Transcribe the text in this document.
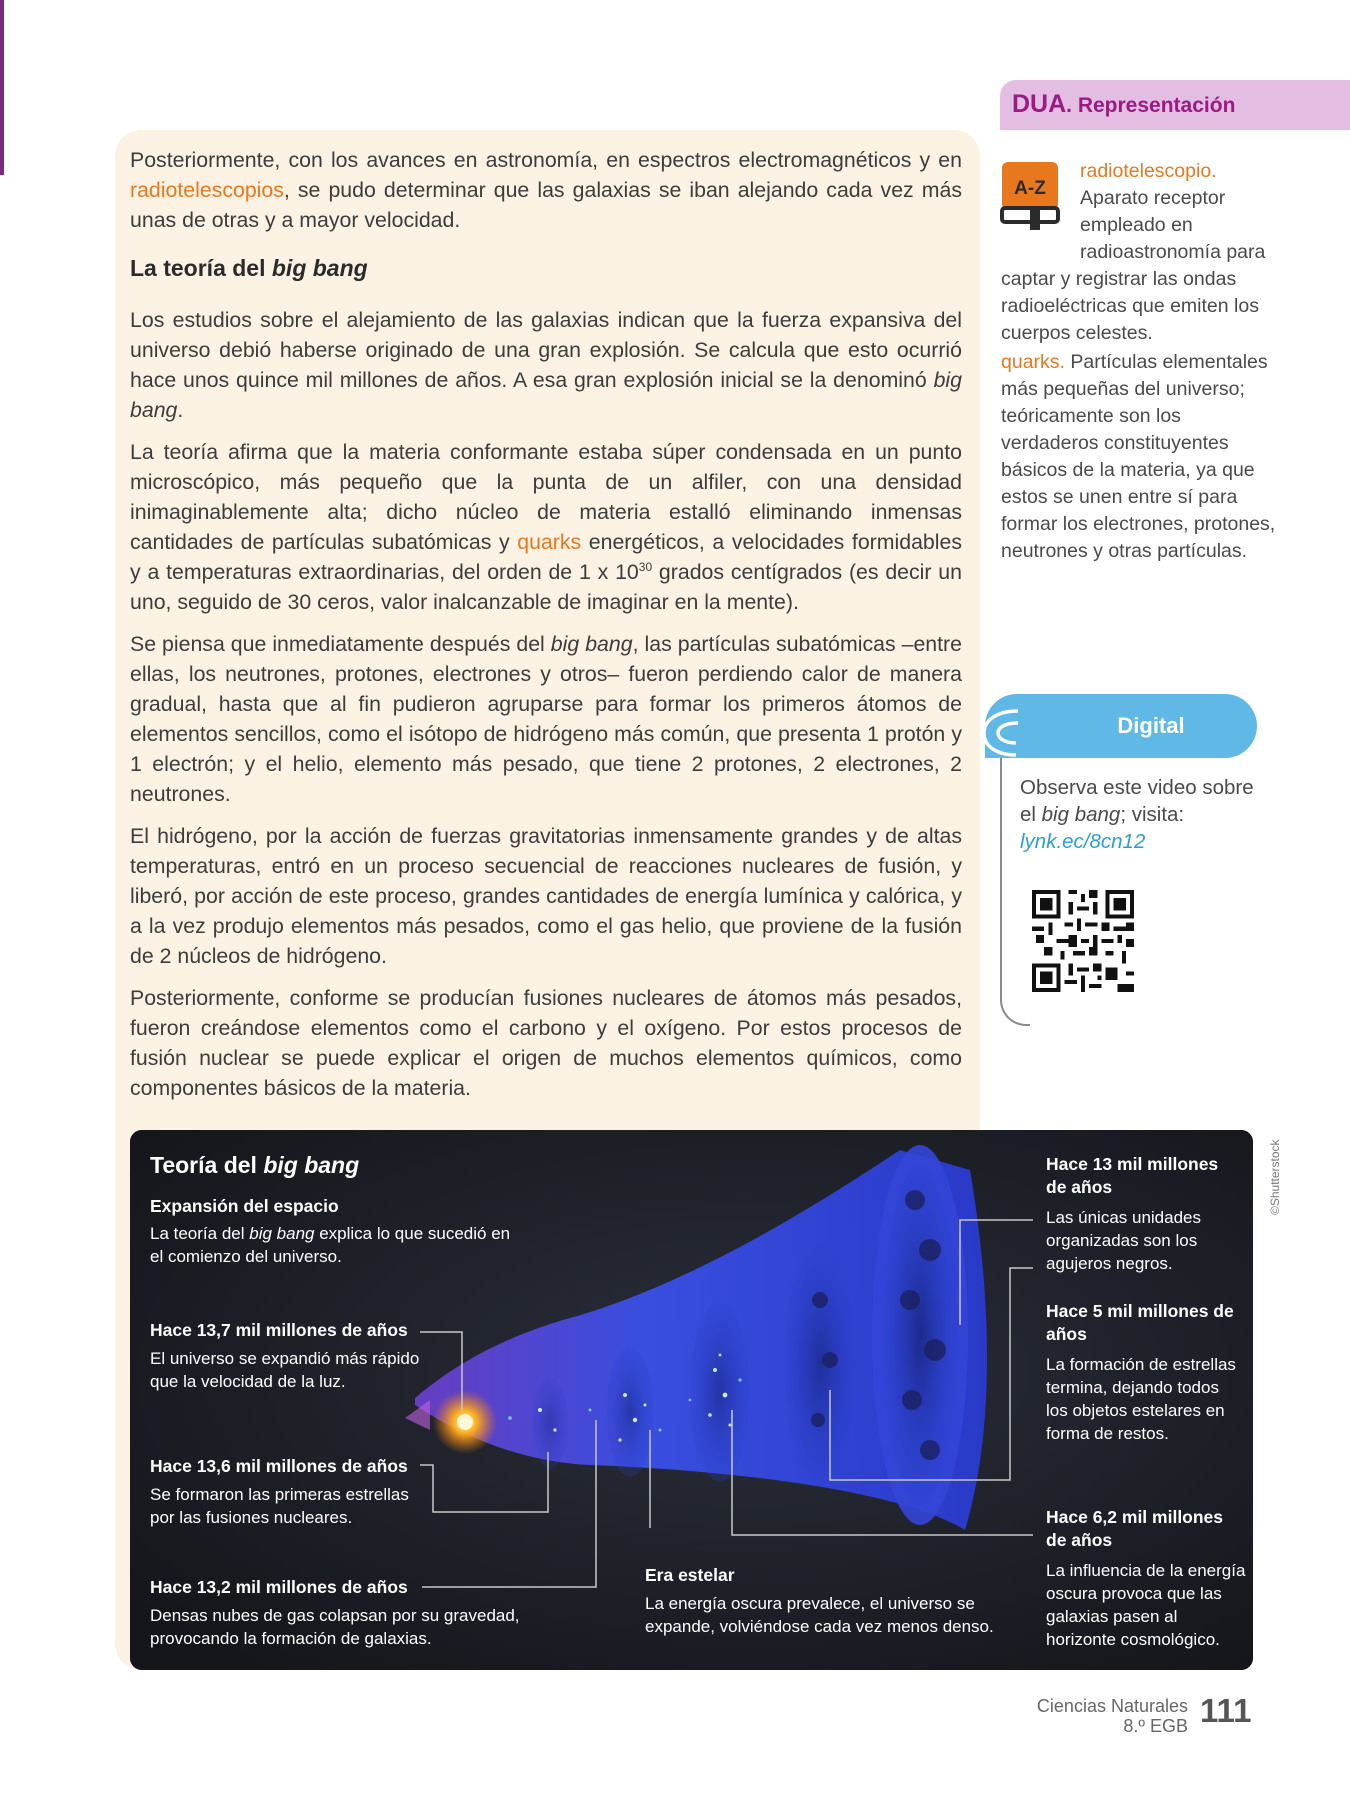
Posteriormente, con los avances en astronomía, en espectros electromagnéticos y en radiotelescopios, se pudo determinar que las galaxias se iban alejando cada vez más unas de otras y a mayor velocidad.

La teoría del big bang

Los estudios sobre el alejamiento de las galaxias indican que la fuerza expansiva del universo debió haberse originado de una gran explosión. Se calcula que esto ocurrió hace unos quince mil millones de años. A esa gran explosión inicial se la denominó big bang.

La teoría afirma que la materia conformante estaba súper condensada en un punto microscópico, más pequeño que la punta de un alfiler, con una densidad inimaginablemente alta; dicho núcleo de materia estalló eliminando inmensas cantidades de partículas subatómicas y quarks energéticos, a velocidades formidables y a temperaturas extraordinarias, del orden de 1 x $10^{30}$ grados centígrados (es decir un uno, seguido de 30 ceros, valor inalcanzable de imaginar en la mente).

Se piensa que inmediatamente después del big bang, las partículas subatómicas –entre ellas, los neutrones, protones, electrones y otros– fueron perdiendo calor de manera gradual, hasta que al fin pudieron agruparse para formar los primeros átomos de elementos sencillos, como el isótopo de hidrógeno más común, que presenta 1 protón y 1 electrón; y el helio, elemento más pesado, que tiene 2 protones, 2 electrones, 2 neutrones.

El hidrógeno, por la acción de fuerzas gravitatorias inmensamente grandes y de altas temperaturas, entró en un proceso secuencial de reacciones nucleares de fusión, y liberó, por acción de este proceso, grandes cantidades de energía lumínica y calórica, y a la vez produjo elementos más pesados, como el gas helio, que proviene de la fusión de 2 núcleos de hidrógeno.

Posteriormente, conforme se producían fusiones nucleares de átomos más pesados, fueron creándose elementos como el carbono y el oxígeno. Por estos procesos de fusión nuclear se puede explicar el origen de muchos elementos químicos, como componentes básicos de la materia.

DUA. Representación
A-Z
radiotelescopio.
Aparato receptor
empleado en
radioastronomía para
captar y registrar las ondas radioeléctricas que emiten los cuerpos celestes.
quarks. Partículas elementales más pequeñas del universo; teóricamente son los verdaderos constituyentes básicos de la materia, ya que estos se unen entre sí para formar los electrones, protones, neutrones y otras partículas.
Digital
Observa este video sobre el big bang; visita:
lynk.ec/8cn12
©Shutterstock
Teoría del big bang
Expansión del espacio
La teoría del big bang explica lo que sucedió en el comienzo del universo.
Hace 13,7 mil millones de años
El universo se expandió más rápido que la velocidad de la luz.
Hace 13,6 mil millones de años
Se formaron las primeras estrellas por las fusiones nucleares.
Hace 13,2 mil millones de años
Densas nubes de gas colapsan por su gravedad, provocando la formación de galaxias.
Era estelar
La energía oscura prevalece, el universo se expande, volviéndose cada vez menos denso.
Hace 13 mil millones de años
Las únicas unidades organizadas son los agujeros negros.
Hace 5 mil millones de años
La formación de estrellas termina, dejando todos los objetos estelares en forma de restos.
Hace 6,2 mil millones de años
La influencia de la energía oscura provoca que las galaxias pasen al horizonte cosmológico.
Ciencias Naturales
8.º EGB 111
